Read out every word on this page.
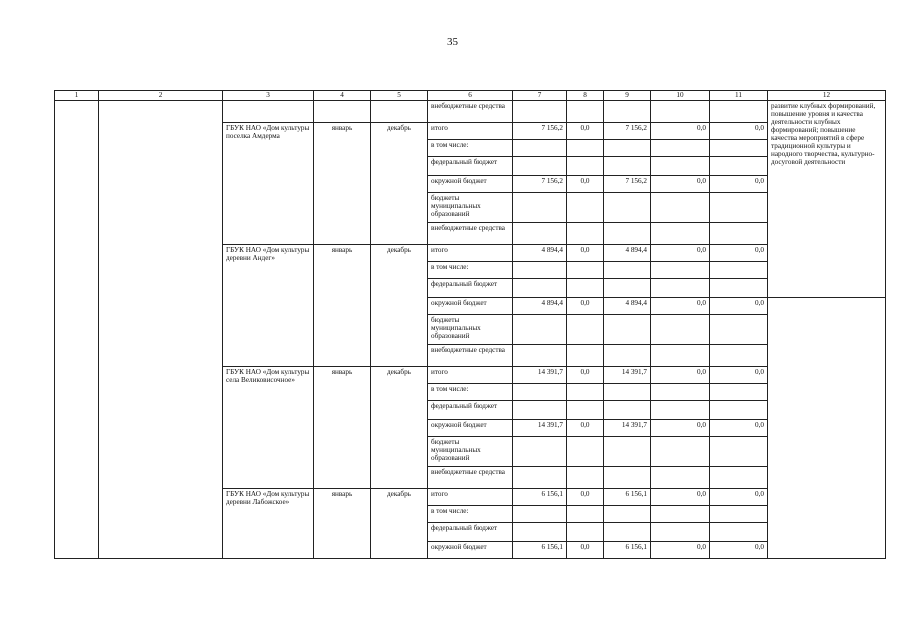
35
1	2	3	4	5	6	7	8	9	10	11	12
					внебюджетные средства						развитие клубных формирований, повышение уровня и качества деятельности клубных формирований; повышение качества мероприятий в сфере традиционной культуры и народного творчества, культурно-досуговой деятельности
		ГБУК НАО «Дом культуры поселка Амдерма	январь	декабрь	итого	7 156,2	0,0	7 156,2	0,0	0,0	
					в том числе:						
					федеральный бюджет						
					окружной бюджет	7 156,2	0,0	7 156,2	0,0	0,0	
					бюджеты муниципальных образований						
					внебюджетные средства						
		ГБУК НАО «Дом культуры деревни Андег»	январь	декабрь	итого	4 894,4	0,0	4 894,4	0,0	0,0	
					в том числе:						
					федеральный бюджет						
					окружной бюджет	4 894,4	0,0	4 894,4	0,0	0,0	
					бюджеты муниципальных образований						
					внебюджетные средства						
		ГБУК НАО «Дом культуры села Великовисочное»	январь	декабрь	итого	14 391,7	0,0	14 391,7	0,0	0,0	
					в том числе:						
					федеральный бюджет						
					окружной бюджет	14 391,7	0,0	14 391,7	0,0	0,0	
					бюджеты муниципальных образований						
					внебюджетные средства						
		ГБУК НАО «Дом культуры деревни Лабожское»	январь	декабрь	итого	6 156,1	0,0	6 156,1	0,0	0,0	
					в том числе:						
					федеральный бюджет						
					окружной бюджет	6 156,1	0,0	6 156,1	0,0	0,0	
